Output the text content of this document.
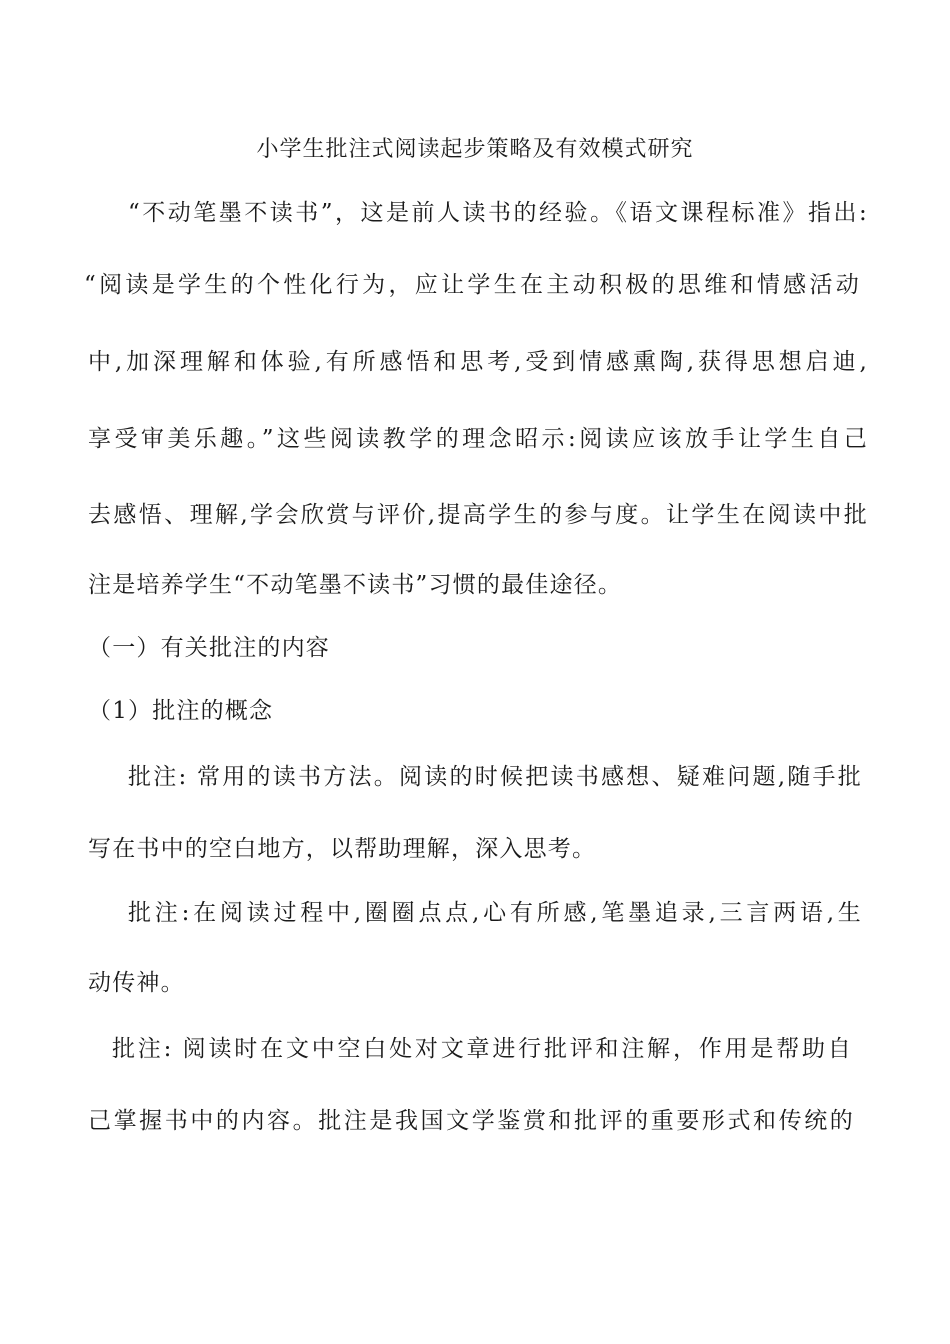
小学生批注式阅读起步策略及有效模式研究
“不动笔墨不读书”，这是前人读书的经验。《语文课程标准》指出:
“阅读是学生的个性化行为，应让学生在主动积极的思维和情感活动
中,加深理解和体验,有所感悟和思考,受到情感熏陶,获得思想启迪,
享受审美乐趣。”这些阅读教学的理念昭示:阅读应该放手让学生自己
去感悟、理解,学会欣赏与评价,提高学生的参与度。让学生在阅读中批
注是培养学生“不动笔墨不读书”习惯的最佳途径。
（一）有关批注的内容
（1）批注的概念
批注: 常用的读书方法。阅读的时候把读书感想、疑难问题,随手批
写在书中的空白地方，以帮助理解，深入思考。
批注:在阅读过程中,圈圈点点,心有所感,笔墨追录,三言两语,生
动传神。
批注: 阅读时在文中空白处对文章进行批评和注解，作用是帮助自
己掌握书中的内容。批注是我国文学鉴赏和批评的重要形式和传统的
